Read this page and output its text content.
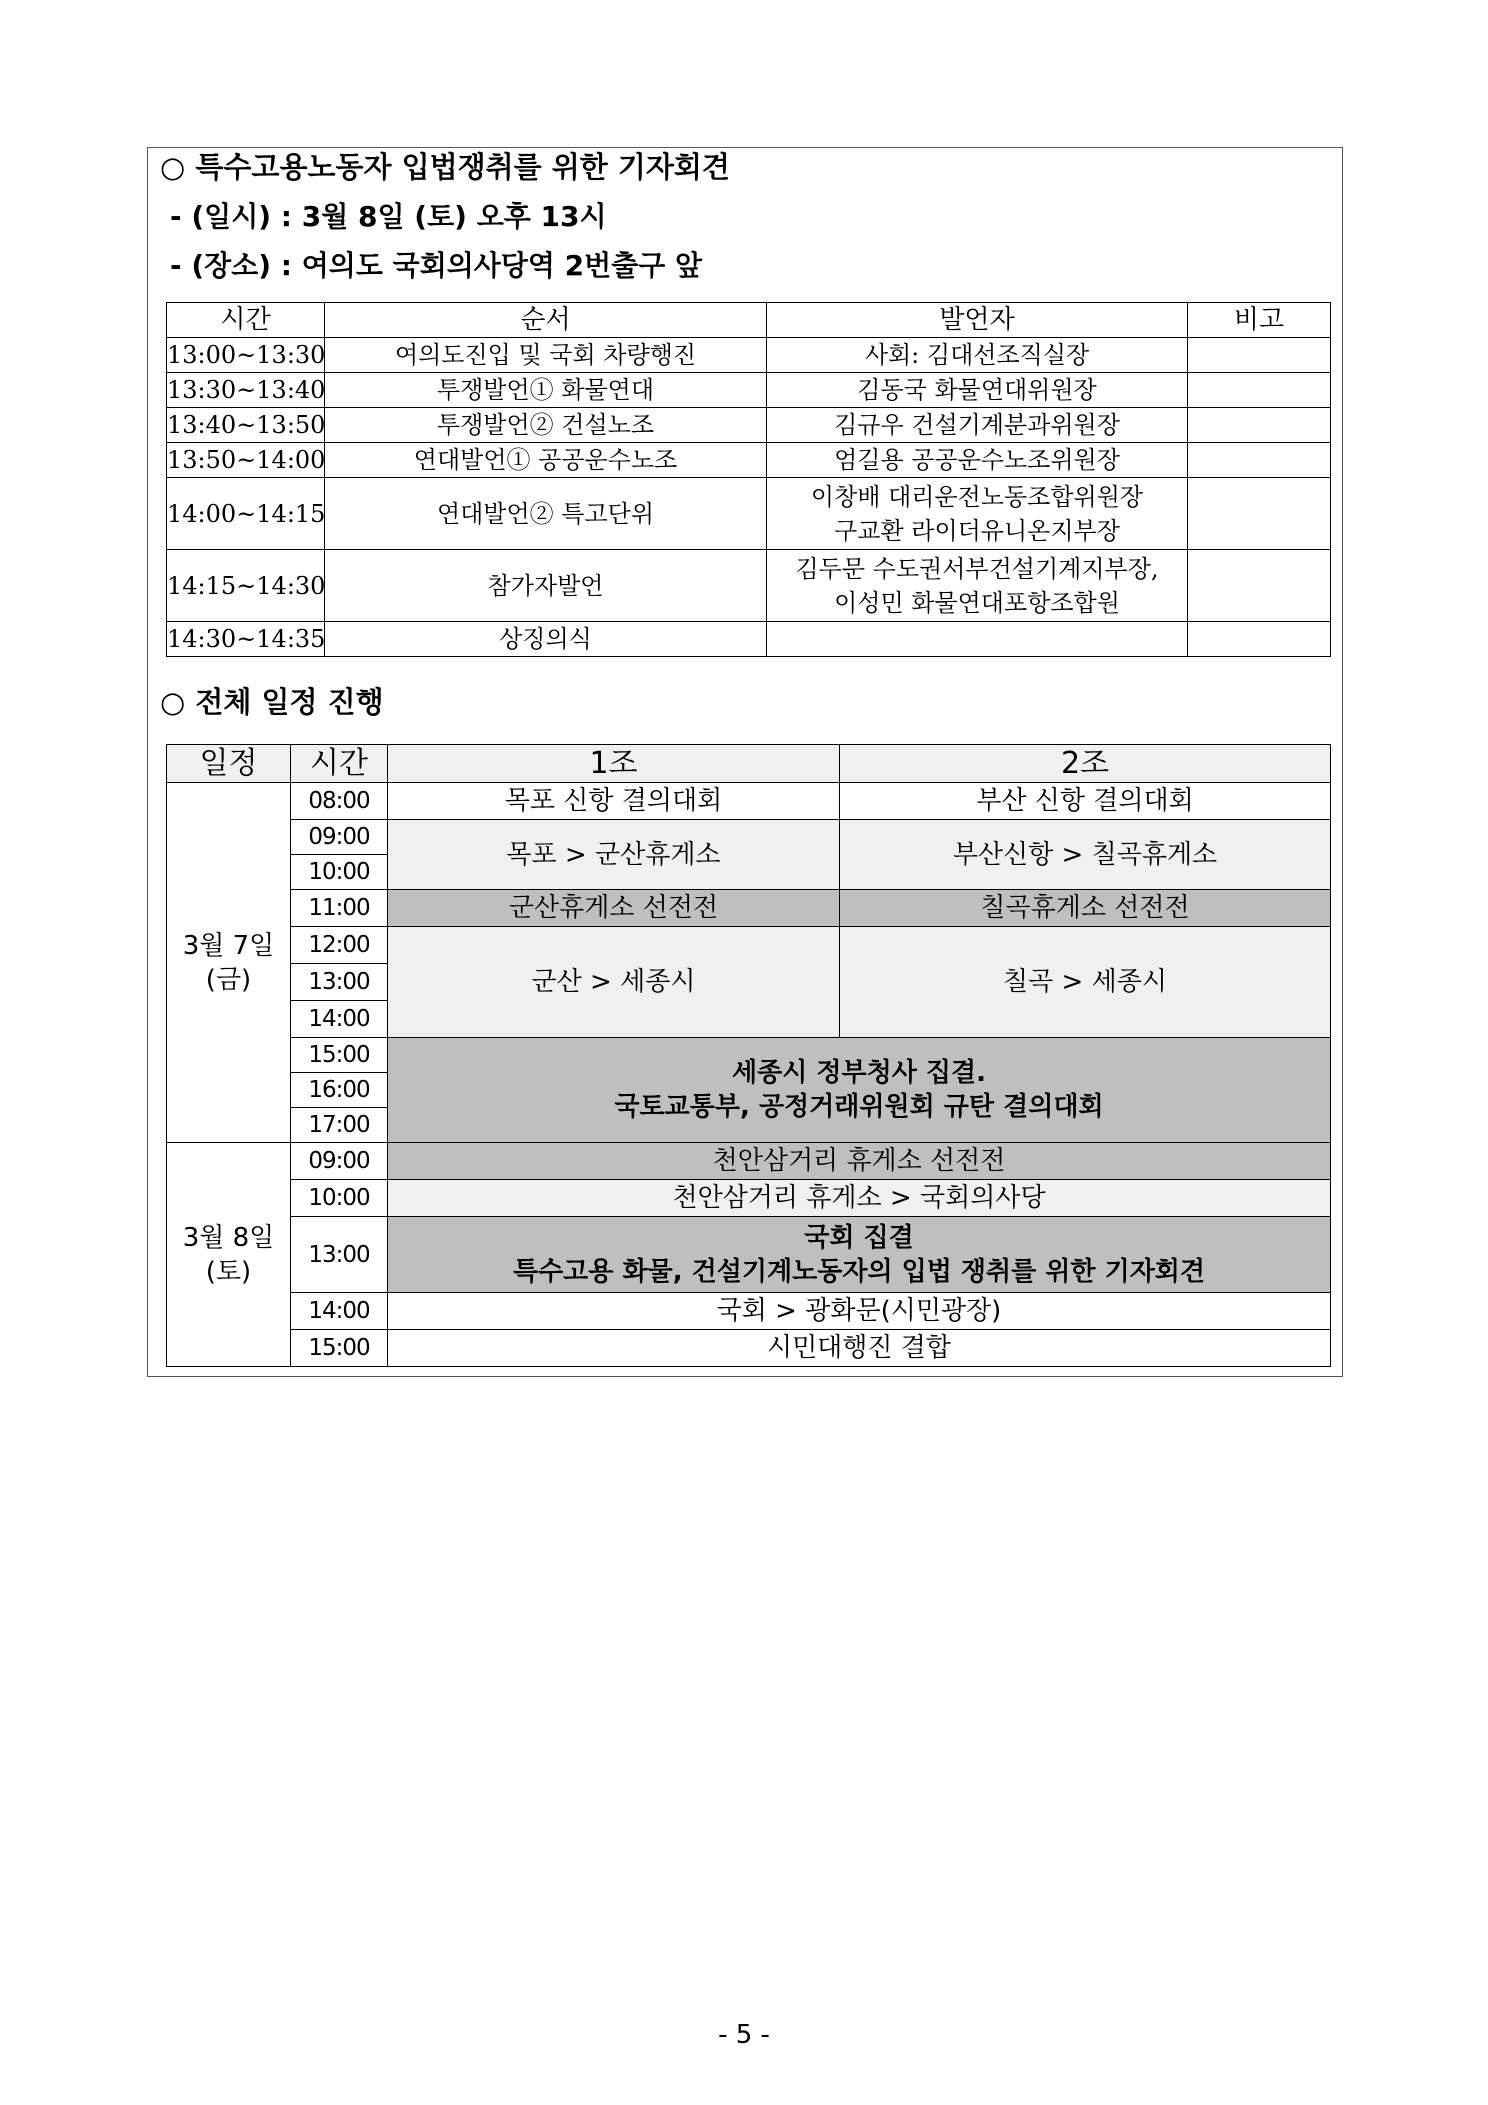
○ 특수고용노동자 입법쟁취를 위한 기자회견
- (일시) : 3월 8일 (토) 오후 13시
- (장소) : 여의도 국회의사당역 2번출구 앞
시간	순서	발언자	비고
13:00~13:30	여의도진입 및 국회 차량행진	사회: 김대선조직실장	
13:30~13:40	투쟁발언① 화물연대	김동국 화물연대위원장	
13:40~13:50	투쟁발언② 건설노조	김규우 건설기계분과위원장	
13:50~14:00	연대발언① 공공운수노조	엄길용 공공운수노조위원장	
14:00~14:15	연대발언② 특고단위	이창배 대리운전노동조합위원장
구교환 라이더유니온지부장	

14:15~14:30	참가자발언	김두문 수도권서부건설기계지부장,
이성민 화물연대포항조합원	

14:30~14:35	상징의식		
○ 전체 일정 진행
일정	시간	1조	2조

3월 7일
(금)	08:00	목포 신항 결의대회	부산 신항 결의대회
	09:00	목포 > 군산휴게소	부산신항 > 칠곡휴게소
	10:00		
	11:00	군산휴게소 선전전	칠곡휴게소 선전전
	12:00	군산 > 세종시	칠곡 > 세종시
	13:00		
	14:00		
	15:00	세종시 정부청사 집결.
국토교통부, 공정거래위원회 규탄 결의대회	

	16:00		
	17:00		

3월 8일
(토)	09:00	천안삼거리 휴게소 선전전	
	10:00	천안삼거리 휴게소 > 국회의사당	
	13:00	국회 집결
특수고용 화물, 건설기계노동자의 입법 쟁취를 위한 기자회견	

	14:00	국회 > 광화문(시민광장)	
	15:00	시민대행진 결합	
- 5 -
